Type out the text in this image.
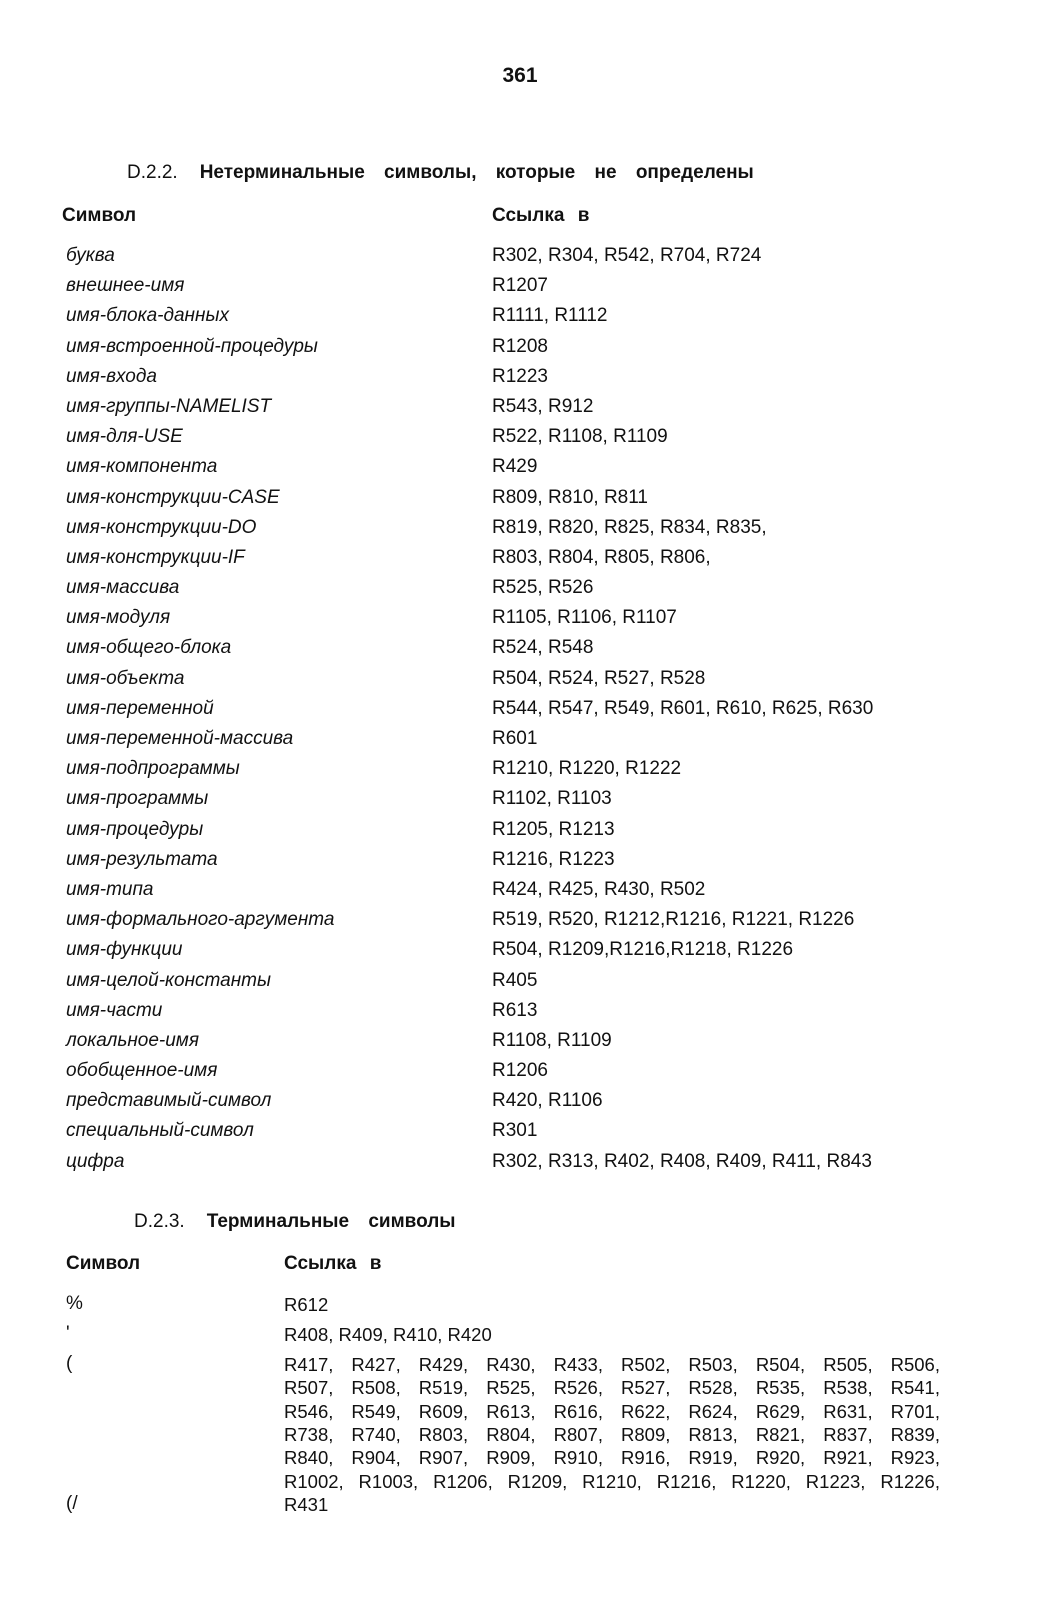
361
D.2.2. Нетерминальные символы, которые не определены
Символ	Ссылка в
буква	R302, R304, R542, R704, R724
внешнее-имя	R1207
имя-блока-данных	R1111, R1112
имя-встроенной-процедуры	R1208
имя-входа	R1223
имя-группы-NAMELIST	R543, R912
имя-для-USE	R522, R1108, R1109
имя-компонента	R429
имя-конструкции-CASE	R809, R810, R811
имя-конструкции-DO	R819, R820, R825, R834, R835,
имя-конструкции-IF	R803, R804, R805, R806,
имя-массива	R525, R526
имя-модуля	R1105, R1106, R1107
имя-общего-блока	R524, R548
имя-объекта	R504, R524, R527, R528
имя-переменной	R544, R547, R549, R601, R610, R625, R630
имя-переменной-массива	R601
имя-подпрограммы	R1210, R1220, R1222
имя-программы	R1102, R1103
имя-процедуры	R1205, R1213
имя-результата	R1216, R1223
имя-типа	R424, R425, R430, R502
имя-формального-аргумента	R519, R520, R1212,R1216, R1221, R1226
имя-функции	R504, R1209,R1216,R1218, R1226
имя-целой-константы	R405
имя-части	R613
локальное-имя	R1108, R1109
обобщенное-имя	R1206
представимый-символ	R420, R1106
специальный-символ	R301
цифра	R302, R313, R402, R408, R409, R411, R843
D.2.3. Терминальные символы
Символ	Ссылка в
%	R612
'	R408, R409, R410, R420
(	R417, R427, R429, R430, R433, R502, R503, R504, R505, R506,
R507, R508, R519, R525, R526, R527, R528, R535, R538, R541,
R546, R549, R609, R613, R616, R622, R624, R629, R631, R701,
R738, R740, R803, R804, R807, R809, R813, R821, R837, R839,
R840, R904, R907, R909, R910, R916, R919, R920, R921, R923,
R1002, R1003, R1206, R1209, R1210, R1216, R1220, R1223, R1226,
(/	R431
